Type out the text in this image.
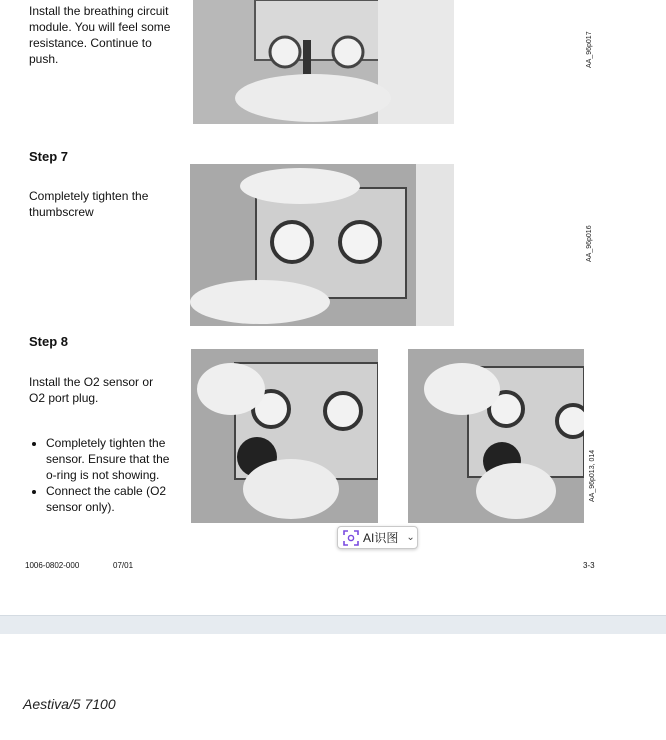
Install the breathing circuit module. You will feel some resistance. Continue to push.	AA_96p017
Step 7
Completely tighten the thumbscrew
AA_96p016
Step 8
Install the O2 sensor or O2 port plug.
• Completely tighten the sensor. Ensure that the o-ring is not showing.
• Connect the cable (O2 sensor only).
AA_96p013, 014
AI识图 ⌄
1006-0802-000	07/01	3-3
Aestiva/5 7100
